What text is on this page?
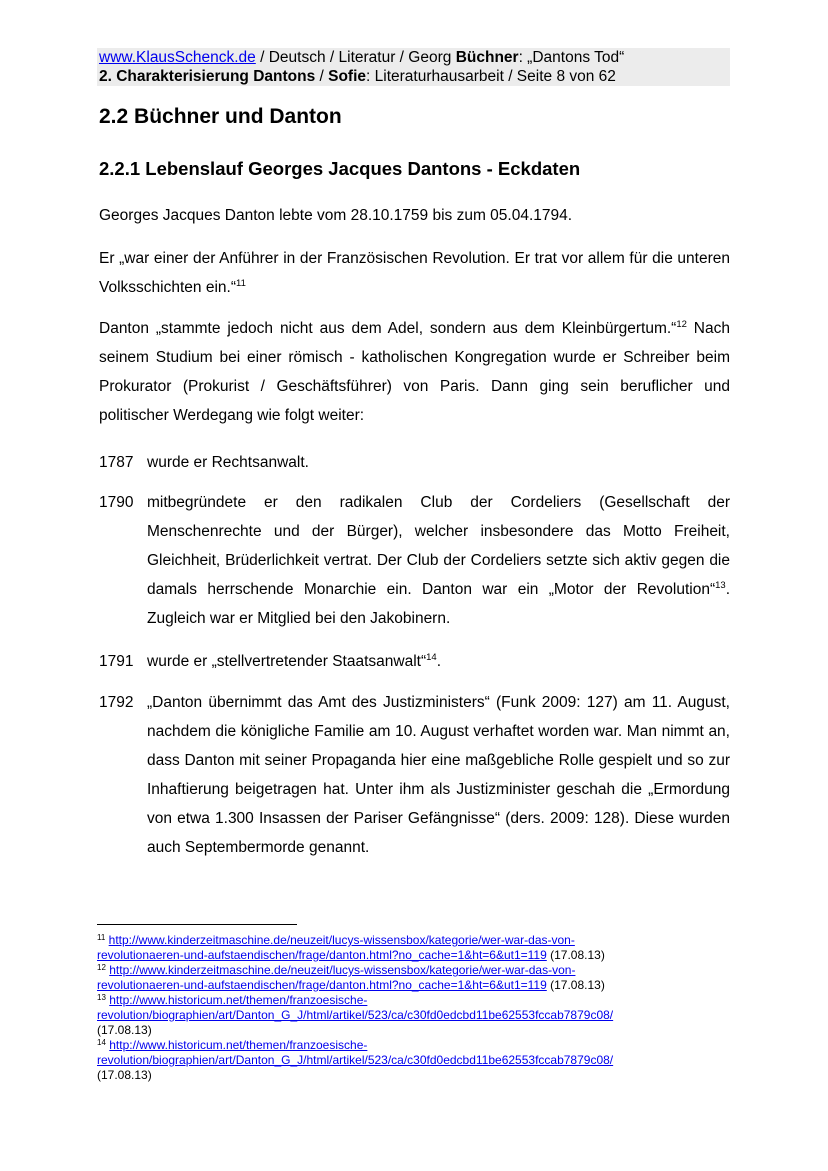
www.KlausSchenck.de / Deutsch / Literatur / Georg Büchner: „Dantons Tod“
2. Charakterisierung Dantons / Sofie: Literaturhausarbeit / Seite 8 von 62
2.2 Büchner und Danton
2.2.1 Lebenslauf Georges Jacques Dantons - Eckdaten

Georges Jacques Danton lebte vom 28.10.1759 bis zum 05.04.1794.

Er „war einer der Anführer in der Französischen Revolution. Er trat vor allem für die unteren Volksschichten ein.“$^{11}$

Danton „stammte jedoch nicht aus dem Adel, sondern aus dem Kleinbürgertum.“$^{12}$ Nach seinem Studium bei einer römisch - katholischen Kongregation wurde er Schreiber beim Prokurator (Prokurist / Geschäftsführer) von Paris. Dann ging sein beruflicher und politischer Werdegang wie folgt weiter:

1787 wurde er Rechtsanwalt.
1790 mitbegründete er den radikalen Club der Cordeliers (Gesellschaft der Menschenrechte und der Bürger), welcher insbesondere das Motto Freiheit, Gleichheit, Brüderlichkeit vertrat. Der Club der Cordeliers setzte sich aktiv gegen die damals herrschende Monarchie ein. Danton war ein „Motor der Revolution“$^{13}$. Zugleich war er Mitglied bei den Jakobinern.
1791 wurde er „stellvertretender Staatsanwalt“$^{14}$.
1792 „Danton übernimmt das Amt des Justizministers“ (Funk 2009: 127) am 11. August, nachdem die königliche Familie am 10. August verhaftet worden war. Man nimmt an, dass Danton mit seiner Propaganda hier eine maßgebliche Rolle gespielt und so zur Inhaftierung beigetragen hat. Unter ihm als Justizminister geschah die „Ermordung von etwa 1.300 Insassen der Pariser Gefängnisse“ (ders. 2009: 128). Diese wurden auch Septembermorde genannt.
$^{11}$ http://www.kinderzeitmaschine.de/neuzeit/lucys-wissensbox/kategorie/wer-war-das-von-
revolutionaeren-und-aufstaendischen/frage/danton.html?no_cache=1&ht=6&ut1=119 (17.08.13)
$^{12}$ http://www.kinderzeitmaschine.de/neuzeit/lucys-wissensbox/kategorie/wer-war-das-von-
revolutionaeren-und-aufstaendischen/frage/danton.html?no_cache=1&ht=6&ut1=119 (17.08.13)
$^{13}$ http://www.historicum.net/themen/franzoesische-
revolution/biographien/art/Danton_G_J/html/artikel/523/ca/c30fd0edcbd11be62553fccab7879c08/
(17.08.13)
$^{14}$ http://www.historicum.net/themen/franzoesische-
revolution/biographien/art/Danton_G_J/html/artikel/523/ca/c30fd0edcbd11be62553fccab7879c08/
(17.08.13)
